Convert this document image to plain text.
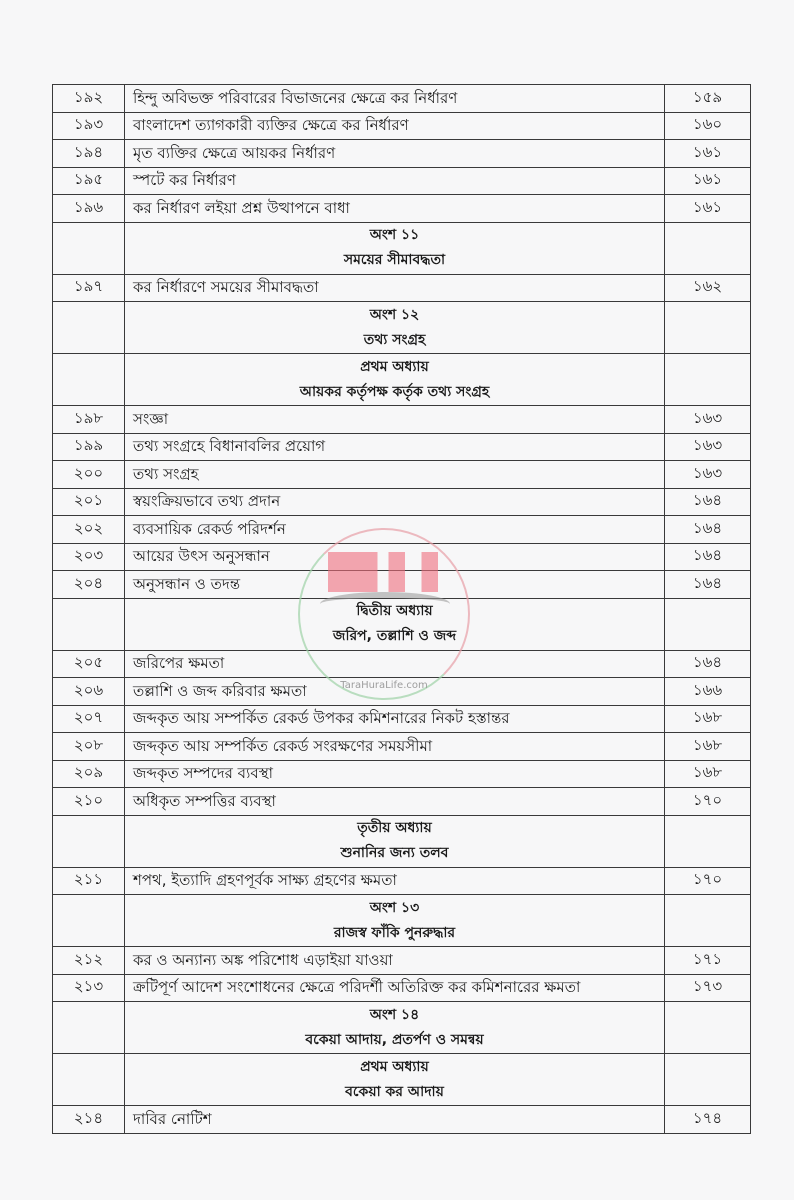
১৯২	হিন্দু অবিভক্ত পরিবারের বিভাজনের ক্ষেত্রে কর নির্ধারণ	১৫৯
১৯৩	বাংলাদেশ ত্যাগকারী ব্যক্তির ক্ষেত্রে কর নির্ধারণ	১৬০
১৯৪	মৃত ব্যক্তির ক্ষেত্রে আয়কর নির্ধারণ	১৬১
১৯৫	স্পটে কর নির্ধারণ	১৬১
১৯৬	কর নির্ধারণ লইয়া প্রশ্ন উত্থাপনে বাধা	১৬১

	অংশ ১১
সময়ের সীমাবদ্ধতা	

১৯৭	কর নির্ধারণে সময়ের সীমাবদ্ধতা	১৬২

	অংশ ১২
তথ্য সংগ্রহ	

	প্রথম অধ্যায়
আয়কর কর্তৃপক্ষ কর্তৃক তথ্য সংগ্রহ	

১৯৮	সংজ্ঞা	১৬৩
১৯৯	তথ্য সংগ্রহে বিধানাবলির প্রয়োগ	১৬৩
২০০	তথ্য সংগ্রহ	১৬৩
২০১	স্বয়ংক্রিয়ভাবে তথ্য প্রদান	১৬৪
২০২	ব্যবসায়িক রেকর্ড পরিদর্শন	১৬৪
২০৩	আয়ের উৎস অনুসন্ধান	১৬৪
২০৪	অনুসন্ধান ও তদন্ত	১৬৪

	দ্বিতীয় অধ্যায়
জরিপ, তল্লাশি ও জব্দ	

২০৫	জরিপের ক্ষমতা	১৬৪
২০৬	তল্লাশি ও জব্দ করিবার ক্ষমতা	১৬৬
২০৭	জব্দকৃত আয় সম্পর্কিত রেকর্ড উপকর কমিশনারের নিকট হস্তান্তর	১৬৮
২০৮	জব্দকৃত আয় সম্পর্কিত রেকর্ড সংরক্ষণের সময়সীমা	১৬৮
২০৯	জব্দকৃত সম্পদের ব্যবস্থা	১৬৮
২১০	অধিকৃত সম্পত্তির ব্যবস্থা	১৭০

	তৃতীয় অধ্যায়
শুনানির জন্য তলব	

২১১	শপথ, ইত্যাদি গ্রহণপূর্বক সাক্ষ্য গ্রহণের ক্ষমতা	১৭০

	অংশ ১৩
রাজস্ব ফাঁকি পুনরুদ্ধার	

২১২	কর ও অন্যান্য অঙ্ক পরিশোধ এড়াইয়া যাওয়া	১৭১
২১৩	ক্রটিপূর্ণ আদেশ সংশোধনের ক্ষেত্রে পরিদর্শী অতিরিক্ত কর কমিশনারের ক্ষমতা	১৭৩

	অংশ ১৪
বকেয়া আদায়, প্রতর্পণ ও সমন্বয়	

	প্রথম অধ্যায়
বকেয়া কর আদায়	

২১৪	দাবির নোটিশ	১৭৪
TaraHuraLife.com
